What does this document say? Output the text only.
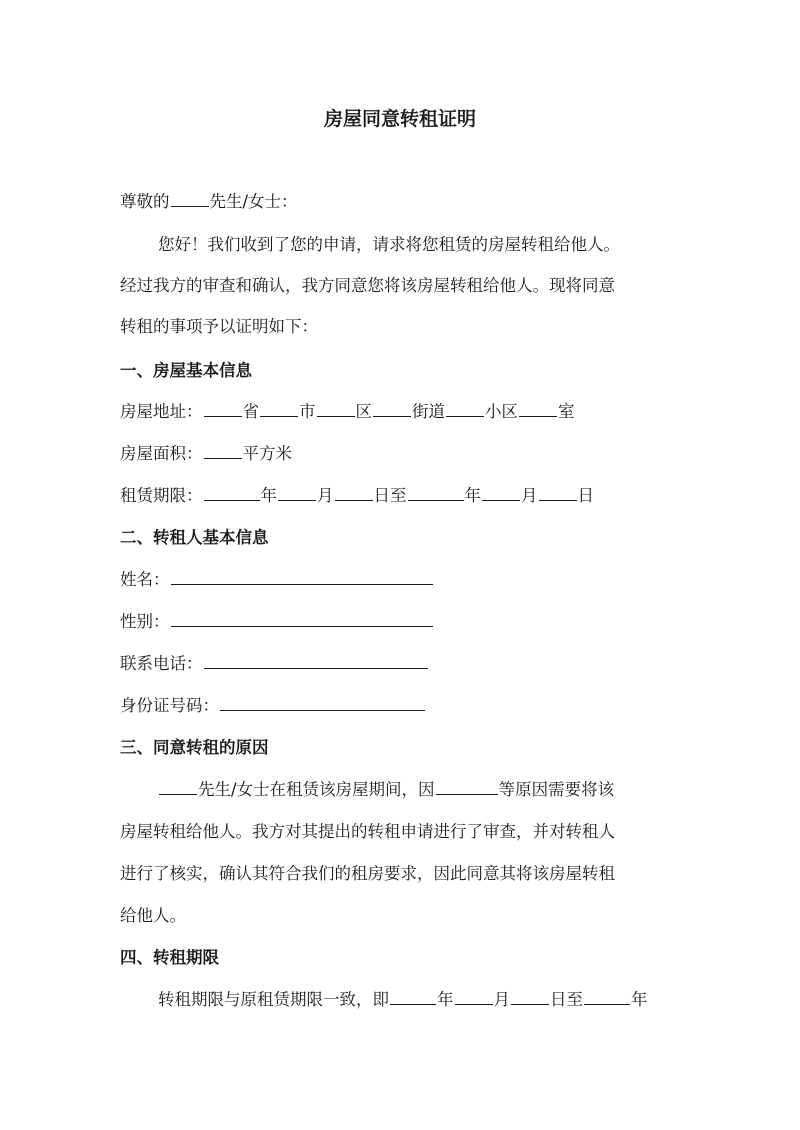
房屋同意转租证明
尊敬的 先生/女士：
您好！我们收到了您的申请，请求将您租赁的房屋转租给他人。
经过我方的审查和确认，我方同意您将该房屋转租给他人。现将同意
转租的事项予以证明如下：
一、房屋基本信息
房屋地址： 省 市 区 街道 小区 室
房屋面积： 平方米
租赁期限：	年 月 日至	年 月 日
二、转租人基本信息
姓名：
性别：
联系电话：
身份证号码：
三、同意转租的原因
先生/女士在租赁该房屋期间，因	等原因需要将该
房屋转租给他人。我方对其提出的转租申请进行了审查，并对转租人
进行了核实，确认其符合我们的租房要求，因此同意其将该房屋转租
给他人。
四、转租期限
转租期限与原租赁期限一致，即	年 月 日至	年
